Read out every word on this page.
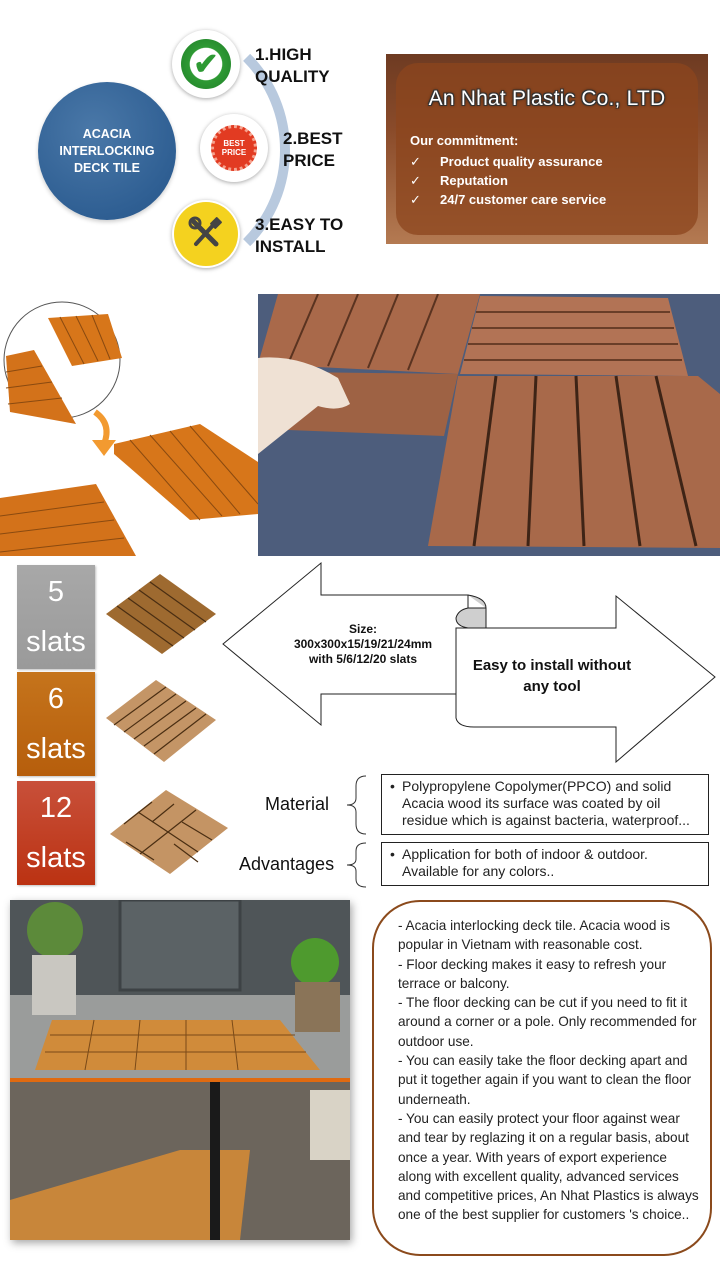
ACACIA INTERLOCKING DECK TILE
✔	1.HIGH
QUALITY
BEST
PRICE
2.BEST
PRICE
3.EASY TO
INSTALL
An Nhat Plastic Co., LTD
Our commitment:
✓	Product quality assurance
✓	Reputation
✓	24/7 customer care service
5
slats
6
slats
12
slats
Size:
300x300x15/19/21/24mm
with 5/6/12/20 slats	Easy to install without
any tool
Material
• Polypropylene Copolymer(PPCO) and solid Acacia wood its surface was coated by oil residue which is against bacteria, waterproof...
Advantages	• Application for both of indoor & outdoor. Available for any colors..
- Acacia interlocking deck tile. Acacia wood is popular in Vietnam with reasonable cost.
- Floor decking makes it easy to refresh your terrace or balcony.
- The floor decking can be cut if you need to fit it around a corner or a pole. Only recommended for outdoor use.
- You can easily take the floor decking apart and put it together again if you want to clean the floor underneath.
- You can easily protect your floor against wear and tear by reglazing it on a regular basis, about once a year. With years of export experience along with excellent quality, advanced services and competitive prices, An Nhat Plastics is always one of the best supplier for customers 's choice..
